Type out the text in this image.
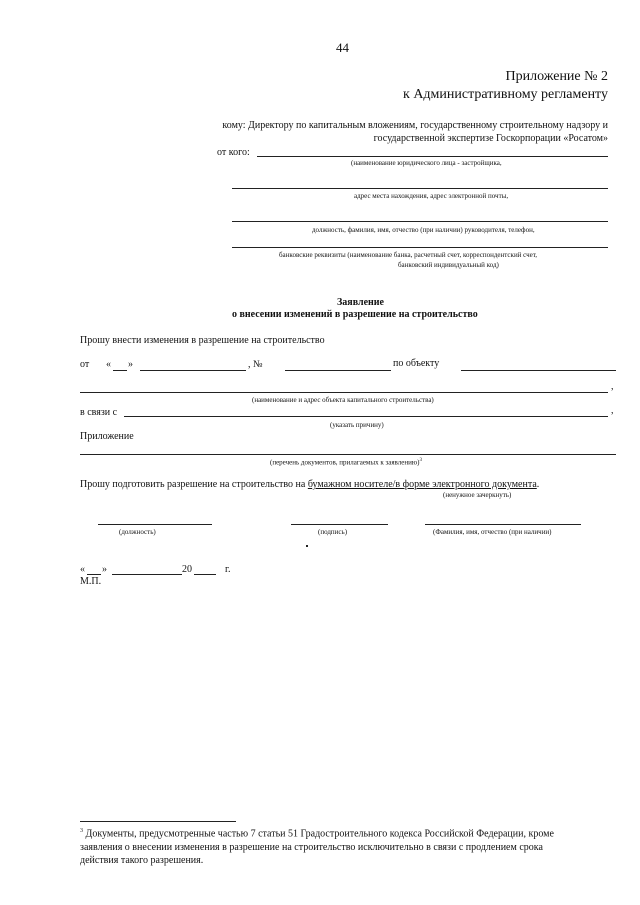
44
Приложение № 2
к Административному регламенту
кому: Директору по капитальным вложениям, государственному строительному надзору и
государственной экспертизе Госкорпорации «Росатом»
от кого:
(наименование юридического лица - застройщика,
адрес места нахождения, адрес электронной почты,
должность, фамилия, имя, отчество (при наличии) руководителя, телефон,
банковские реквизиты (наименование банка, расчетный счет, корреспондентский счет,
банковский индивидуальный код)
Заявление
о внесении изменений в разрешение на строительство
Прошу внести изменения в разрешение на строительство
от « »	, №	по объекту
,
(наименование и адрес объекта капитального строительства)
в связи с	,
(указать причину)
Приложение
(перечень документов, прилагаемых к заявлению)$^3$
Прошу подготовить разрешение на строительство на бумажном носителе/в форме электронного документа.
(ненужное зачеркнуть)
(должность)	(подпись)	(Фамилия, имя, отчество (при наличии)
« »	20	г.
М.П.
$^3$ Документы, предусмотренные частью 7 статьи 51 Градостроительного кодекса Российской Федерации, кроме
заявления о внесении изменения в разрешение на строительство исключительно в связи с продлением срока
действия такого разрешения.
